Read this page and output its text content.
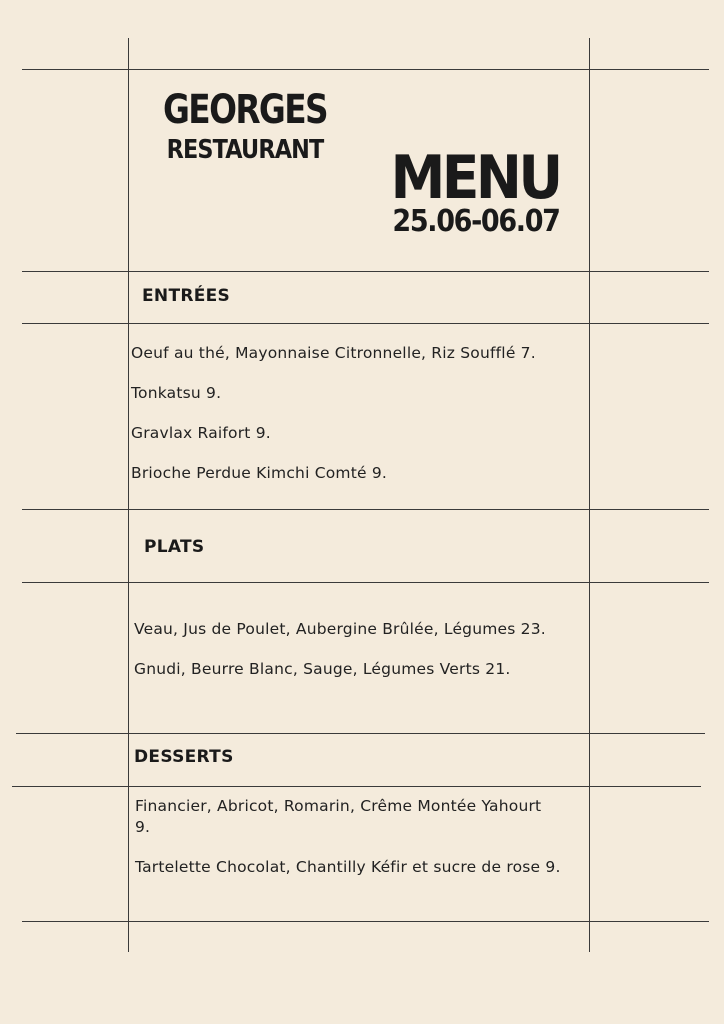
GEORGES
RESTAURANT	MENU
25.06-06.07
ENTRÉES
Oeuf au thé, Mayonnaise Citronnelle, Riz Soufflé 7.
Tonkatsu 9.
Gravlax Raifort 9.
Brioche Perdue Kimchi Comté 9.
PLATS
Veau, Jus de Poulet, Aubergine Brûlée, Légumes 23.
Gnudi, Beurre Blanc, Sauge, Légumes Verts 21.
DESSERTS
Financier, Abricot, Romarin, Crême Montée Yahourt 9.
Tartelette Chocolat, Chantilly Kéfir et sucre de rose 9.
